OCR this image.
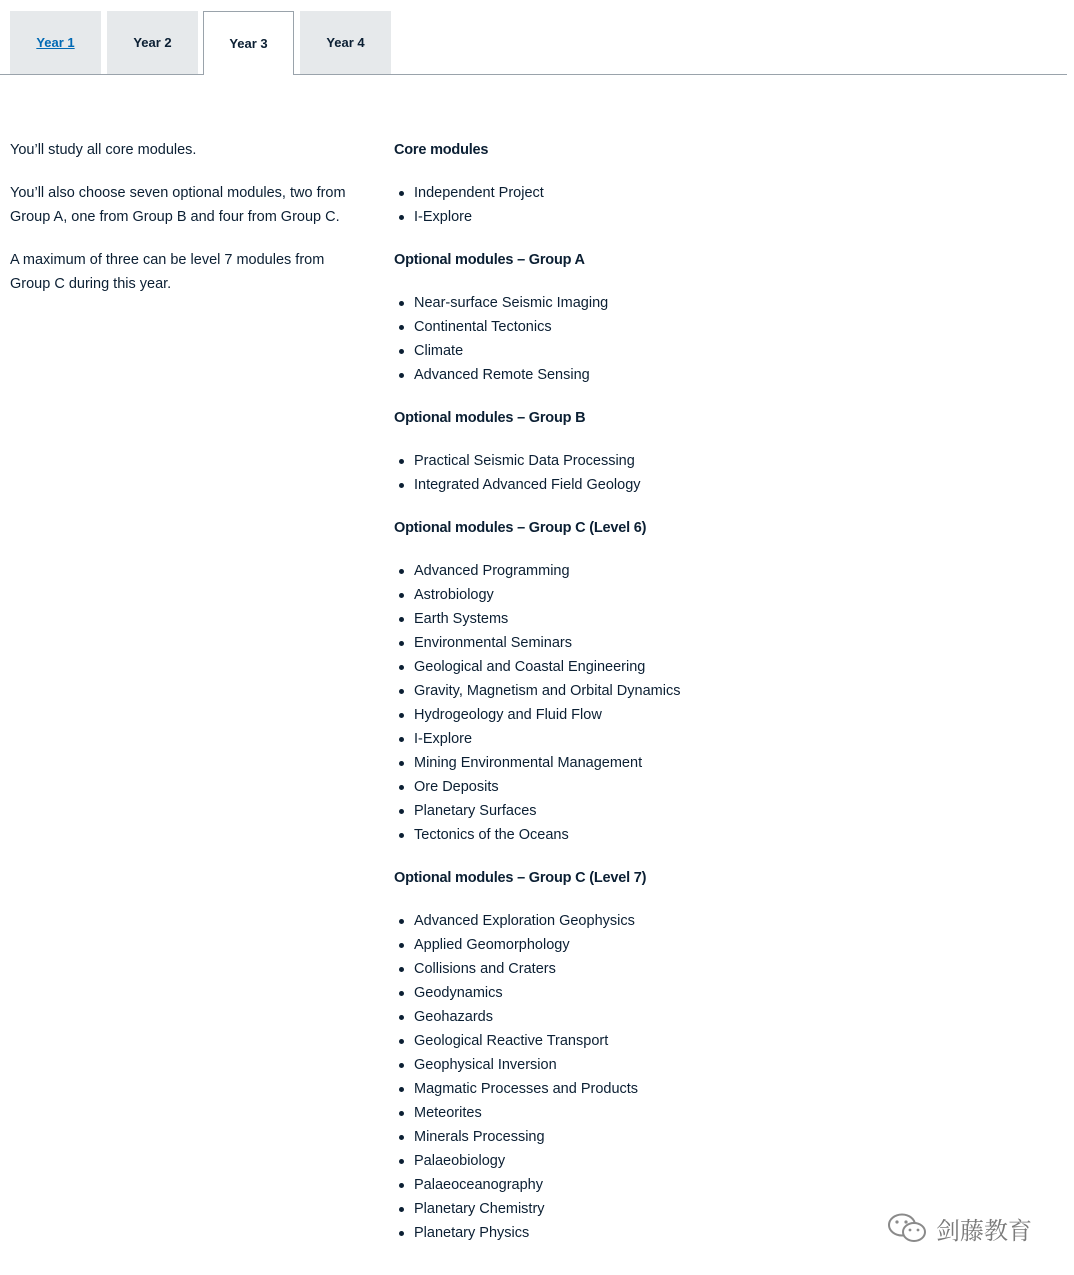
Year 1	Year 2	Year 3	Year 4

You’ll study all core modules.

You’ll also choose seven optional modules, two from Group A, one from Group B and four from Group C.

A maximum of three can be level 7 modules from Group C during this year.

Core modules
Independent Project
I-Explore
Optional modules – Group A
Near-surface Seismic Imaging
Continental Tectonics
Climate
Advanced Remote Sensing
Optional modules – Group B
Practical Seismic Data Processing
Integrated Advanced Field Geology
Optional modules – Group C (Level 6)
Advanced Programming
Astrobiology
Earth Systems
Environmental Seminars
Geological and Coastal Engineering
Gravity, Magnetism and Orbital Dynamics
Hydrogeology and Fluid Flow
I-Explore
Mining Environmental Management
Ore Deposits
Planetary Surfaces
Tectonics of the Oceans
Optional modules – Group C (Level 7)
Advanced Exploration Geophysics
Applied Geomorphology
Collisions and Craters
Geodynamics
Geohazards
Geological Reactive Transport
Geophysical Inversion
Magmatic Processes and Products
Meteorites
Minerals Processing
Palaeobiology
Palaeoceanography
Planetary Chemistry
Planetary Physics	剑藤教育
